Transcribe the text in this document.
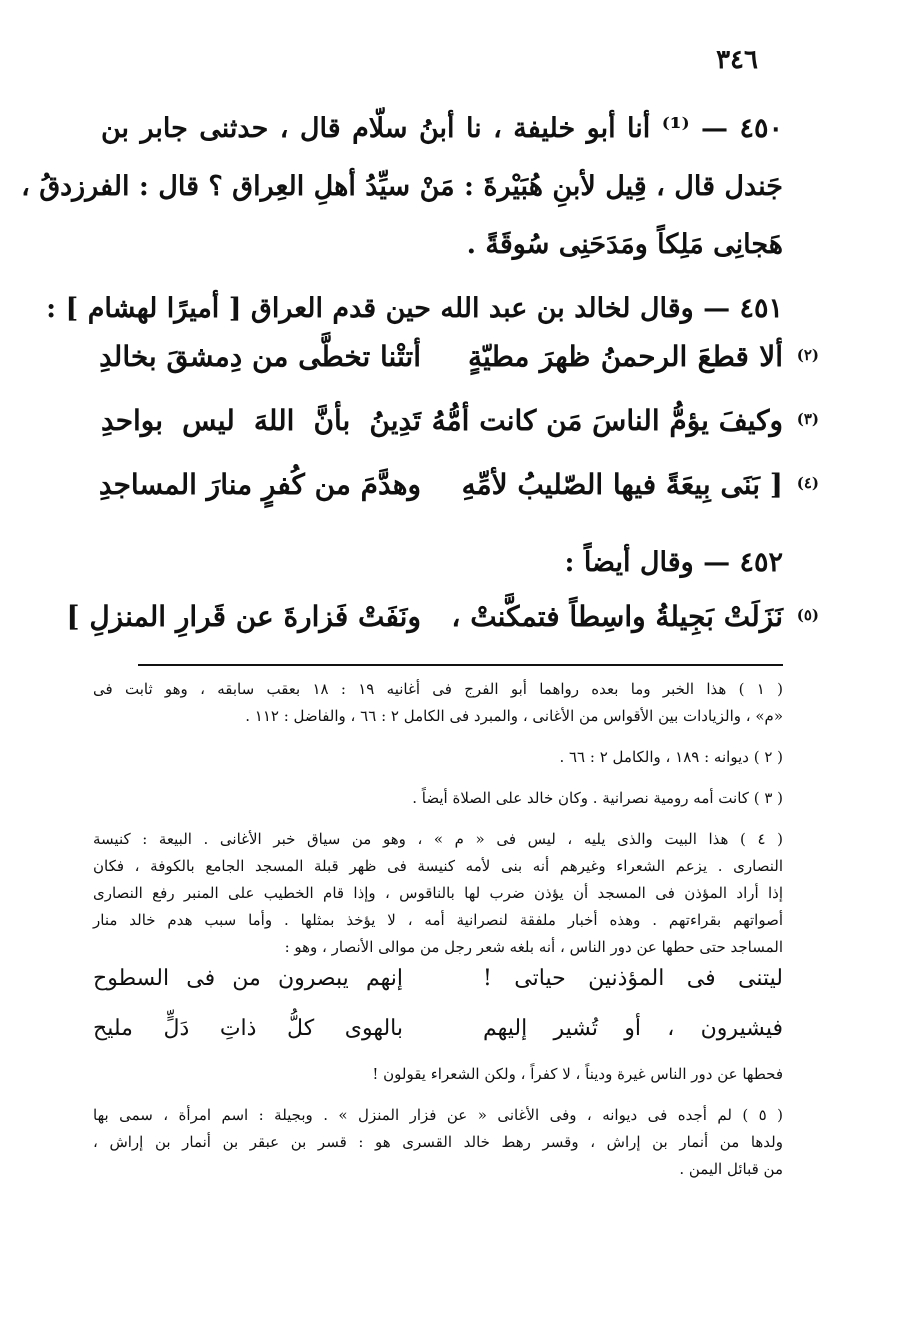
٣٤٦
٤٥٠ — ⁽¹⁾ أنا أبو خليفة ، نا أبنُ سلّام قال ، حدثنى جابر بن
جَندل قال ، قِيل لأبنِ هُبَيْرةَ : مَنْ سيِّدُ أهلِ العِراق ؟ قال : الفرزدقُ ،
هَجانِى مَلِكاً ومَدَحَنِى سُوقَةً .
٤٥١ — وقال لخالد بن عبد الله حين قدم العراق [ أميرًا لهشام ] :
ألا قطعَ الرحمنُ ظهرَ مطيّةٍ
أتتْنا تخطَّى من دِمشقَ بخالدِ	(٢)
وكيفَ يؤمُّ الناسَ مَن كانت أمُّهُ
تَدِينُ بأنَّ اللهَ ليس بواحدِ	(٣)
[ بَنَى بِيعَةً فيها الصّليبُ لأمِّهِ
وهدَّمَ من كُفرٍ منارَ المساجدِ	(٤)
٤٥٢ — وقال أيضاً :
نَزَلَتْ بَجِيلةُ واسِطاً فتمكَّنتْ ،
ونَفَتْ فَزارةَ عن قَرارِ المنزلِ ]	(٥)

( ١ ) هذا الخبر وما بعده رواهما أبو الفرج فى أغانيه ١٩ : ١٨ بعقب سابقه ، وهو ثابت فى

«م» ، والزيادات بين الأقواس من الأغانى ، والمبرد فى الكامل ٢ : ٦٦ ، والفاضل : ١١٢ .

( ٢ ) ديوانه : ١٨٩ ، والكامل ٢ : ٦٦ .

( ٣ ) كانت أمه رومية نصرانية . وكان خالد على الصلاة أيضاً .

( ٤ ) هذا البيت والذى يليه ، ليس فى « م » ، وهو من سياق خبر الأغانى . البيعة : كنيسة

النصارى . يزعم الشعراء وغيرهم أنه بنى لأمه كنيسة فى ظهر قبلة المسجد الجامع بالكوفة ، فكان

إذا أراد المؤذن فى المسجد أن يؤذن ضرب لها بالناقوس ، وإذا قام الخطيب على المنبر رفع النصارى

أصواتهم بقراءتهم . وهذه أخبار ملفقة لنصرانية أمه ، لا يؤخذ بمثلها . وأما سبب هدم خالد منار

المساجد حتى حطها عن دور الناس ، أنه بلغه شعر رجل من موالى الأنصار ، وهو :

ليتنى فى المؤذنين حياتى !
إنهم يبصرون من فى السطوح
فيشيرون ، أو تُشير إليهم
بالهوى كلُّ ذاتِ دَلٍّ مليح

فحطها عن دور الناس غيرة وديناً ، لا كفراً ، ولكن الشعراء يقولون !

( ٥ ) لم أجده فى ديوانه ، وفى الأغانى « عن فزار المنزل » . وبجيلة : اسم امرأة ، سمى بها

ولدها من أنمار بن إراش ، وقسر رهط خالد القسرى هو : قسر بن عبقر بن أنمار بن إراش ،

من قبائل اليمن .
